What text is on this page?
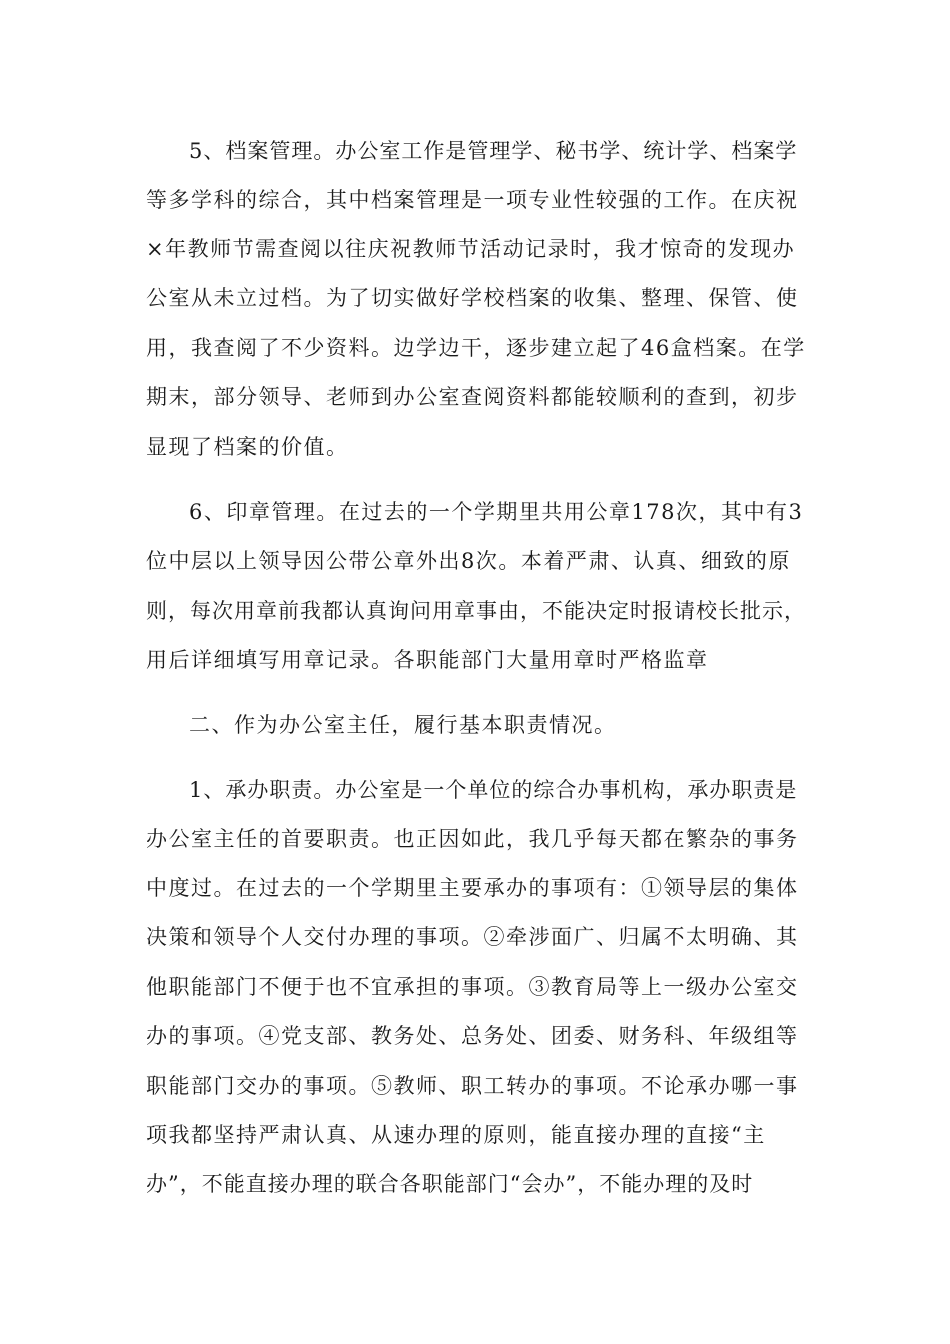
5、档案管理。办公室工作是管理学、秘书学、统计学、档案学
等多学科的综合，其中档案管理是一项专业性较强的工作。在庆祝
×年教师节需查阅以往庆祝教师节活动记录时，我才惊奇的发现办
公室从未立过档。为了切实做好学校档案的收集、整理、保管、使
用，我查阅了不少资料。边学边干，逐步建立起了46盒档案。在学
期末，部分领导、老师到办公室查阅资料都能较顺利的查到，初步
显现了档案的价值。
6、印章管理。在过去的一个学期里共用公章178次，其中有3
位中层以上领导因公带公章外出8次。本着严肃、认真、细致的原
则，每次用章前我都认真询问用章事由，不能决定时报请校长批示，
用后详细填写用章记录。各职能部门大量用章时严格监章
二、作为办公室主任，履行基本职责情况。
1、承办职责。办公室是一个单位的综合办事机构，承办职责是
办公室主任的首要职责。也正因如此，我几乎每天都在繁杂的事务
中度过。在过去的一个学期里主要承办的事项有：①领导层的集体
决策和领导个人交付办理的事项。②牵涉面广、归属不太明确、其
他职能部门不便于也不宜承担的事项。③教育局等上一级办公室交
办的事项。④党支部、教务处、总务处、团委、财务科、年级组等
职能部门交办的事项。⑤教师、职工转办的事项。不论承办哪一事
项我都坚持严肃认真、从速办理的原则，能直接办理的直接“主
办”，不能直接办理的联合各职能部门“会办”，不能办理的及时
